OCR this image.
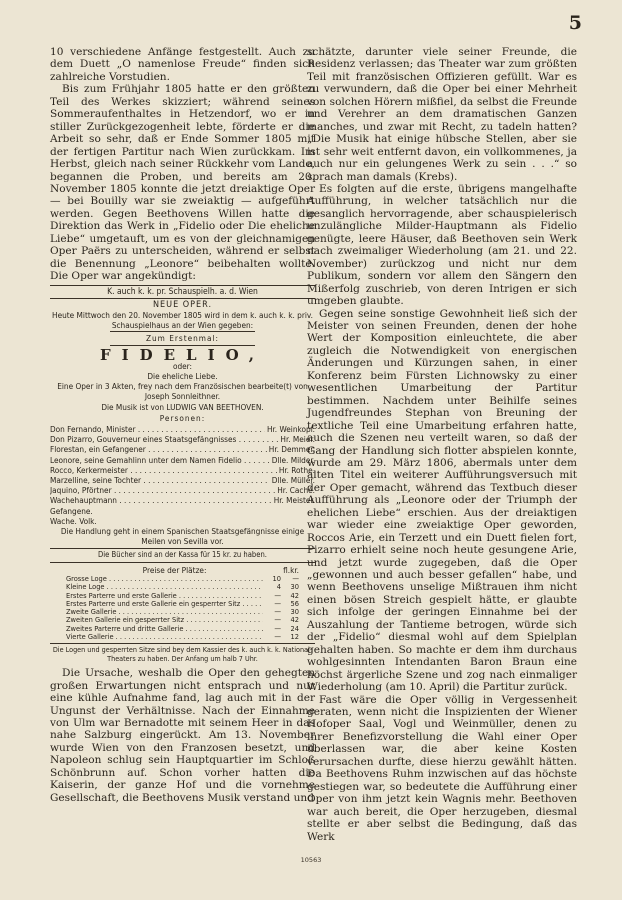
5

10 verschiedene Anfänge festgestellt. Auch zu dem Duett „O namenlose Freude“ finden sich zahlreiche Vorstudien.

Bis zum Frühjahr 1805 hatte er den größten Teil des Werkes skizziert; während seines Sommeraufenthaltes in Hetzendorf, wo er in stiller Zurückgezogenheit lebte, förderte er die Arbeit so sehr, daß er Ende Sommer 1805 mit der fertigen Partitur nach Wien zurückkam. Im Herbst, gleich nach seiner Rückkehr vom Lande, begannen die Proben, und bereits am 20. November 1805 konnte die jetzt dreiaktige Oper — bei Bouilly war sie zweiaktig — aufgeführt werden. Gegen Beethovens Willen hatte die Direktion das Werk in „Fidelio oder Die eheliche Liebe“ umgetauft, um es von der gleichnamigen Oper Paërs zu unterscheiden, während er selbst die Benennung „Leonore“ beibehalten wollte. Die Oper war angekündigt:

K. auch k. k. pr. Schauspielh. a. d. Wien
NEUE OPER.
Heute Mittwoch den 20. November 1805 wird in dem k. auch k. k. priv. Schauspielhaus an der Wien gegeben:
Zum Erstenmal:
FIDELIO,
oder:
Die eheliche Liebe.
Eine Oper in 3 Akten, frey nach dem Französischen bearbeite(t) von Joseph Sonnleithner.
Die Musik ist von LUDWIG VAN BEETHOVEN.
Personen:
Don Fernando, Minister . . .	Hr. Weinkopf.
Don Pizarro, Gouverneur eines Staatsgefängnisses . . .	Hr. Meier.
Florestan, ein Gefangener . . .	Hr. Demmer.
Leonore, seine Gemahlinn unter dem Namen Fidelio . . .	Dlle. Milder.
Rocco, Kerkermeister . . .	Hr. Rothe.
Marzelline, seine Tochter . . .	Dlle. Müller.
Jaquino, Pförtner . . .	Hr. Caché.
Wachehauptmann . . .	Hr. Meister.
Gefangene.
Wache. Volk.
Die Handlung geht in einem Spanischen Staatsgefängnisse einige Meilen von Sevilla vor.
Die Bücher sind an der Kassa für 15 kr. zu haben.
Preise der Plätze:	fl. kr.
Grosse Loge . . .	10	—
Kleine Loge . . .	4	30
Erstes Parterre und erste Gallerie . . .	—	42
Erstes Parterre und erste Gallerie ein gesperrter Sitz . . .	—	56
Zweite Gallerie . . .	—	30
Zweiten Gallerie ein gesperrter Sitz . . .	—	42
Zweites Parterre und dritte Gallerie . . .	—	24
Vierte Gallerie . . .	—	12
Die Logen und gesperrten Sitze sind bey dem Kassier des k. auch k. k. National-Theaters zu haben. Der Anfang um halb 7 Uhr.

Die Ursache, weshalb die Oper den gehegten großen Erwartungen nicht entsprach und nur eine kühle Aufnahme fand, lag auch mit in der Ungunst der Verhältnisse. Nach der Einnahme von Ulm war Bernadotte mit seinem Heer in das nahe Salzburg eingerückt. Am 13. November wurde Wien von den Franzosen besetzt, und Napoleon schlug sein Hauptquartier im Schloß Schönbrunn auf. Schon vorher hatten die Kaiserin, der ganze Hof und die vornehme Gesellschaft, die Beethovens Musik verstand und

schätzte, darunter viele seiner Freunde, die Residenz verlassen; das Theater war zum größten Teil mit französischen Offizieren gefüllt. War es zu verwundern, daß die Oper bei einer Mehrheit von solchen Hörern mißfiel, da selbst die Freunde und Verehrer an dem dramatischen Ganzen manches, und zwar mit Recht, zu tadeln hatten? „Die Musik hat einige hübsche Stellen, aber sie ist sehr weit entfernt davon, ein vollkommenes, ja auch nur ein gelungenes Werk zu sein . . .“ so sprach man damals (Krebs).

Es folgten auf die erste, übrigens mangelhafte Aufführung, in welcher tatsächlich nur die gesanglich hervorragende, aber schauspielerisch unzulängliche Milder-Hauptmann als Fidelio genügte, leere Häuser, daß Beethoven sein Werk nach zweimaliger Wiederholung (am 21. und 22. November) zurückzog und nicht nur dem Publikum, sondern vor allem den Sängern den Mißerfolg zuschrieb, von deren Intrigen er sich umgeben glaubte.

Gegen seine sonstige Gewohnheit ließ sich der Meister von seinen Freunden, denen der hohe Wert der Komposition einleuchtete, die aber zugleich die Notwendigkeit von energischen Änderungen und Kürzungen sahen, in einer Konferenz beim Fürsten Lichnowsky zu einer wesentlichen Umarbeitung der Partitur bestimmen. Nachdem unter Beihilfe seines Jugendfreundes Stephan von Breuning der textliche Teil eine Umarbeitung erfahren hatte, auch die Szenen neu verteilt waren, so daß der Gang der Handlung sich flotter abspielen konnte, wurde am 29. März 1806, abermals unter dem alten Titel ein weiterer Aufführungsversuch mit der Oper gemacht, während das Textbuch dieser Aufführung als „Leonore oder der Triumph der ehelichen Liebe“ erschien. Aus der dreiaktigen war wieder eine zweiaktige Oper geworden, Roccos Arie, ein Terzett und ein Duett fielen fort, Pizarro erhielt seine noch heute gesungene Arie, und jetzt wurde zugegeben, daß die Oper „gewonnen und auch besser gefallen“ habe, und wenn Beethovens unselige Mißtrauen ihm nicht einen bösen Streich gespielt hätte, er glaubte sich infolge der geringen Einnahme bei der Auszahlung der Tantieme betrogen, würde sich der „Fidelio“ diesmal wohl auf dem Spielplan gehalten haben. So machte er dem ihm durchaus wohlgesinnten Intendanten Baron Braun eine höchst ärgerliche Szene und zog nach einmaliger Wiederholung (am 10. April) die Partitur zurück.

Fast wäre die Oper völlig in Vergessenheit geraten, wenn nicht die Inspizienten der Wiener Hofoper Saal, Vogl und Weinmüller, denen zu ihrer Benefizvorstellung die Wahl einer Oper überlassen war, die aber keine Kosten verursachen durfte, diese hierzu gewählt hätten. Da Beethovens Ruhm inzwischen auf das höchste gestiegen war, so bedeutete die Aufführung einer Oper von ihm jetzt kein Wagnis mehr. Beethoven war auch bereit, die Oper herzugeben, diesmal stellte er aber selbst die Bedingung, daß das Werk

10563
